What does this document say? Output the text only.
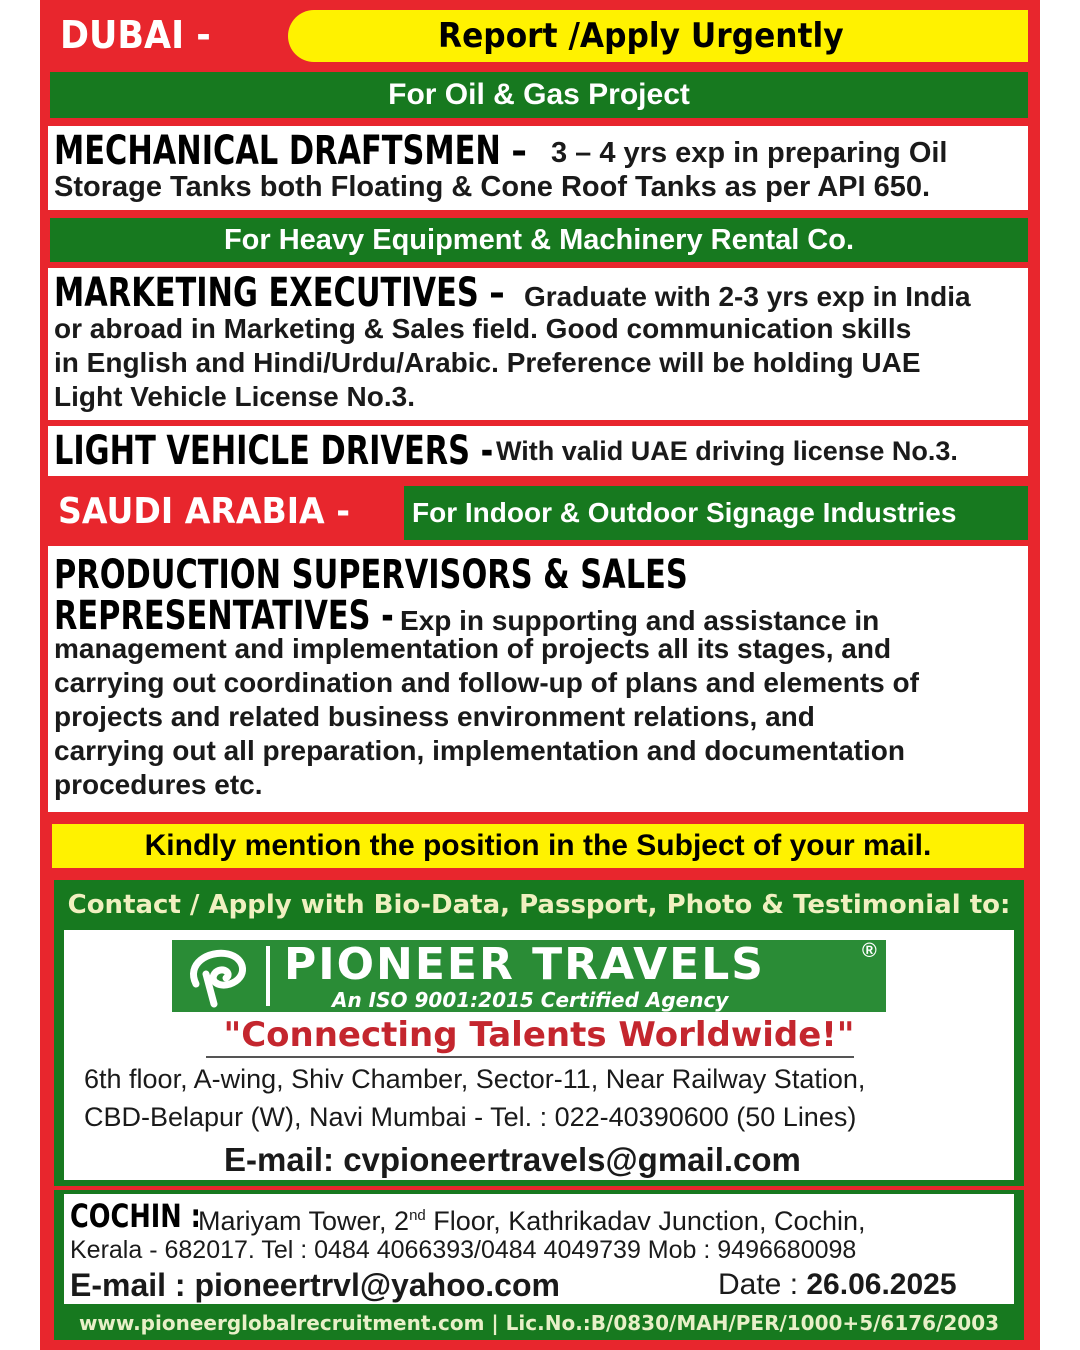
DUBAI -	Report /Apply Urgently
For Oil & Gas Project
MECHANICAL DRAFTSMEN – 3 – 4 yrs exp in preparing Oil
Storage Tanks both Floating & Cone Roof Tanks as per API 650.
For Heavy Equipment & Machinery Rental Co.
MARKETING EXECUTIVES – Graduate with 2-3 yrs exp in India
or abroad in Marketing & Sales field. Good communication skills
in English and Hindi/Urdu/Arabic. Preference will be holding UAE
Light Vehicle License No.3.
LIGHT VEHICLE DRIVERS - With valid UAE driving license No.3.
SAUDI ARABIA -	For Indoor & Outdoor Signage Industries
PRODUCTION SUPERVISORS & SALES
REPRESENTATIVES - Exp in supporting and assistance in
management and implementation of projects all its stages, and
carrying out coordination and follow-up of plans and elements of
projects and related business environment relations, and
carrying out all preparation, implementation and documentation
procedures etc.
Kindly mention the position in the Subject of your mail.
Contact / Apply with Bio-Data, Passport, Photo & Testimonial to:
PIONEER TRAVELS	®
An ISO 9001:2015 Certified Agency
"Connecting Talents Worldwide!"
6th floor, A-wing, Shiv Chamber, Sector-11, Near Railway Station,
CBD-Belapur (W), Navi Mumbai - Tel. : 022-40390600 (50 Lines)
E-mail: cvpioneertravels@gmail.com
COCHIN :
Mariyam Tower, 2nd Floor, Kathrikadav Junction, Cochin,
Kerala - 682017. Tel : 0484 4066393/0484 4049739 Mob : 9496680098
E-mail : pioneertrvl@yahoo.com	Date : 26.06.2025
www.pioneerglobalrecruitment.com | Lic.No.:B/0830/MAH/PER/1000+5/6176/2003
